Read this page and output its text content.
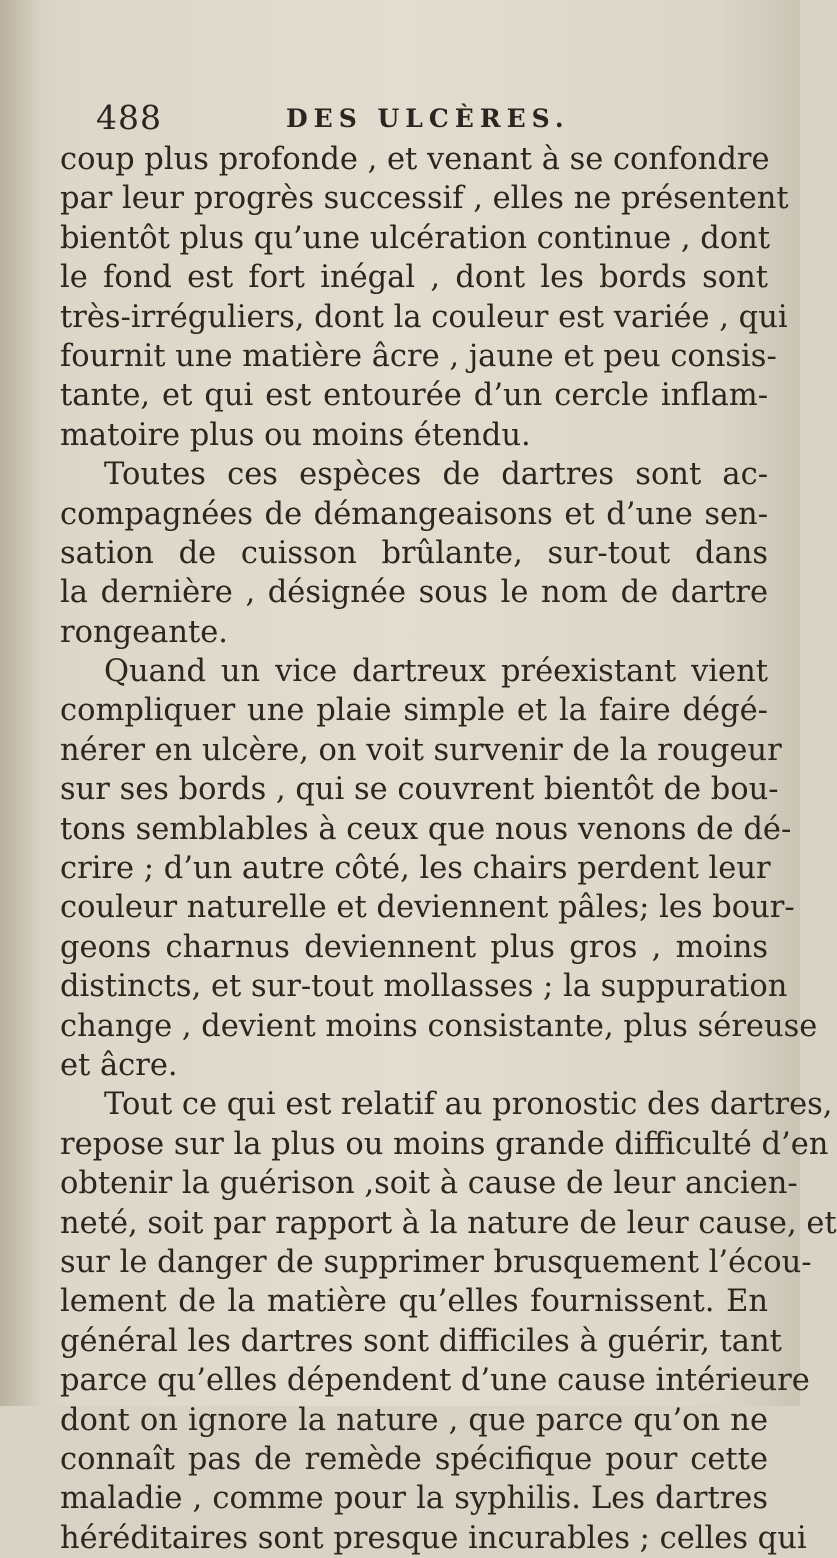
488	DES ULCÈRES.

coup plus profonde , et venant à se confondre
par leur progrès successif , elles ne présentent
bientôt plus qu’une ulcération continue , dont
le fond est fort inégal , dont les bords sont
très-irréguliers, dont la couleur est variée , qui
fournit une matière âcre , jaune et peu consis-
tante, et qui est entourée d’un cercle inflam-
matoire plus ou moins étendu.

Toutes ces espèces de dartres sont ac-
compagnées de démangeaisons et d’une sen-
sation de cuisson brûlante, sur-tout dans
la dernière , désignée sous le nom de dartre
rongeante.

Quand un vice dartreux préexistant vient
compliquer une plaie simple et la faire dégé-
nérer en ulcère, on voit survenir de la rougeur
sur ses bords , qui se couvrent bientôt de bou-
tons semblables à ceux que nous venons de dé-
crire ; d’un autre côté, les chairs perdent leur
couleur naturelle et deviennent pâles; les bour-
geons charnus deviennent plus gros , moins
distincts, et sur-tout mollasses ; la suppuration
change , devient moins consistante, plus séreuse
et âcre.

Tout ce qui est relatif au pronostic des dartres,
repose sur la plus ou moins grande difficulté d’en
obtenir la guérison ,soit à cause de leur ancien-
neté, soit par rapport à la nature de leur cause, et
sur le danger de supprimer brusquement l’écou-
lement de la matière qu’elles fournissent. En
général les dartres sont difficiles à guérir, tant
parce qu’elles dépendent d’une cause intérieure
dont on ignore la nature , que parce qu’on ne
connaît pas de remède spécifique pour cette
maladie , comme pour la syphilis. Les dartres
héréditaires sont presque incurables ; celles qui
